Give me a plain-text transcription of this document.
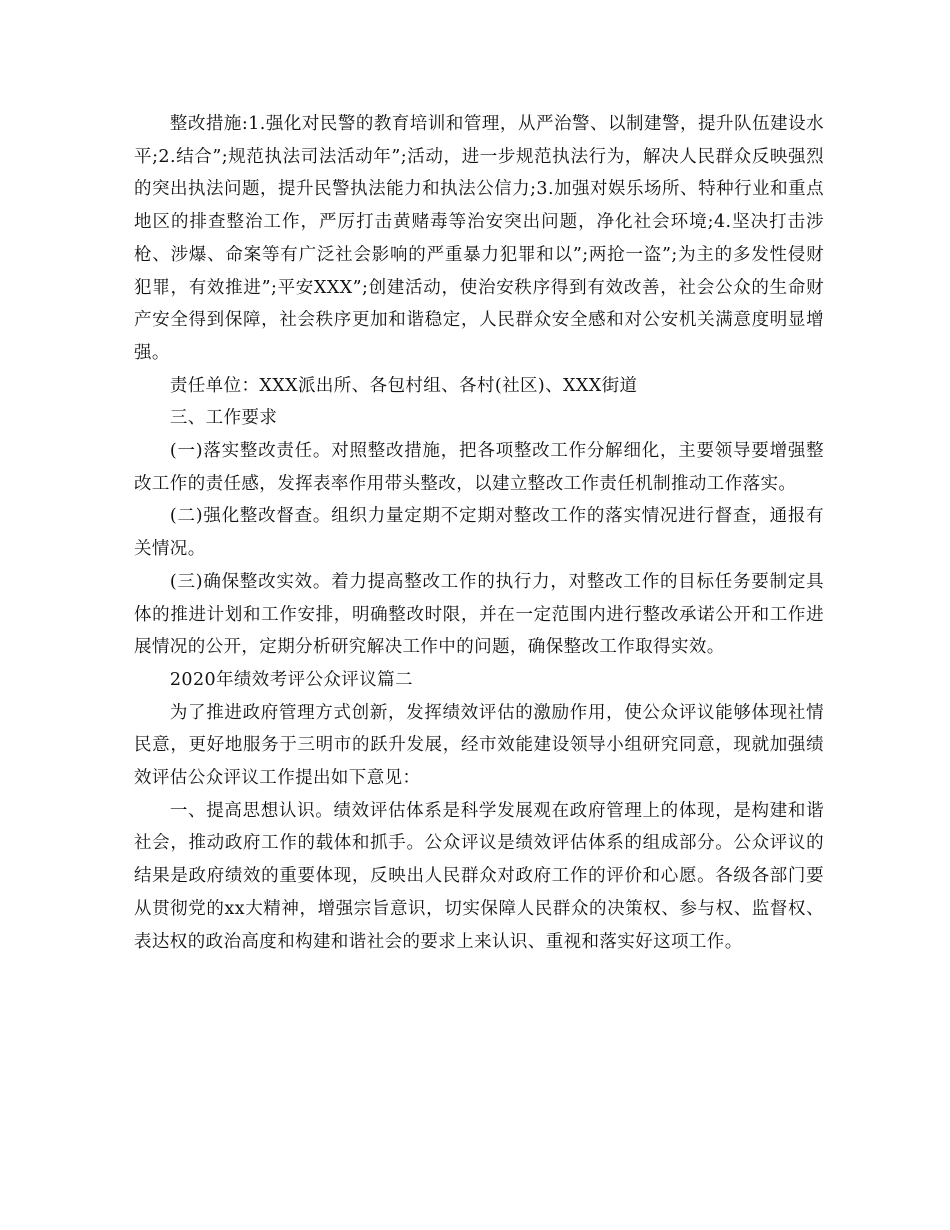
整改措施:1.强化对民警的教育培训和管理，从严治警、以制建警，提升队伍建设水平;2.结合”;规范执法司法活动年”;活动，进一步规范执法行为，解决人民群众反映强烈的突出执法问题，提升民警执法能力和执法公信力;3.加强对娱乐场所、特种行业和重点地区的排查整治工作，严厉打击黄赌毒等治安突出问题，净化社会环境;4.坚决打击涉枪、涉爆、命案等有广泛社会影响的严重暴力犯罪和以”;两抢一盗”;为主的多发性侵财犯罪，有效推进”;平安XXX”;创建活动，使治安秩序得到有效改善，社会公众的生命财产安全得到保障，社会秩序更加和谐稳定，人民群众安全感和对公安机关满意度明显增强。

责任单位：XXX派出所、各包村组、各村(社区)、XXX街道

三、工作要求

(一)落实整改责任。对照整改措施，把各项整改工作分解细化，主要领导要增强整改工作的责任感，发挥表率作用带头整改，以建立整改工作责任机制推动工作落实。

(二)强化整改督查。组织力量定期不定期对整改工作的落实情况进行督查，通报有关情况。

(三)确保整改实效。着力提高整改工作的执行力，对整改工作的目标任务要制定具体的推进计划和工作安排，明确整改时限，并在一定范围内进行整改承诺公开和工作进展情况的公开，定期分析研究解决工作中的问题，确保整改工作取得实效。

2020年绩效考评公众评议篇二

为了推进政府管理方式创新，发挥绩效评估的激励作用，使公众评议能够体现社情民意，更好地服务于三明市的跃升发展，经市效能建设领导小组研究同意，现就加强绩效评估公众评议工作提出如下意见：

一、提高思想认识。绩效评估体系是科学发展观在政府管理上的体现，是构建和谐社会，推动政府工作的载体和抓手。公众评议是绩效评估体系的组成部分。公众评议的结果是政府绩效的重要体现，反映出人民群众对政府工作的评价和心愿。各级各部门要从贯彻党的xx大精神，增强宗旨意识，切实保障人民群众的决策权、参与权、监督权、表达权的政治高度和构建和谐社会的要求上来认识、重视和落实好这项工作。
